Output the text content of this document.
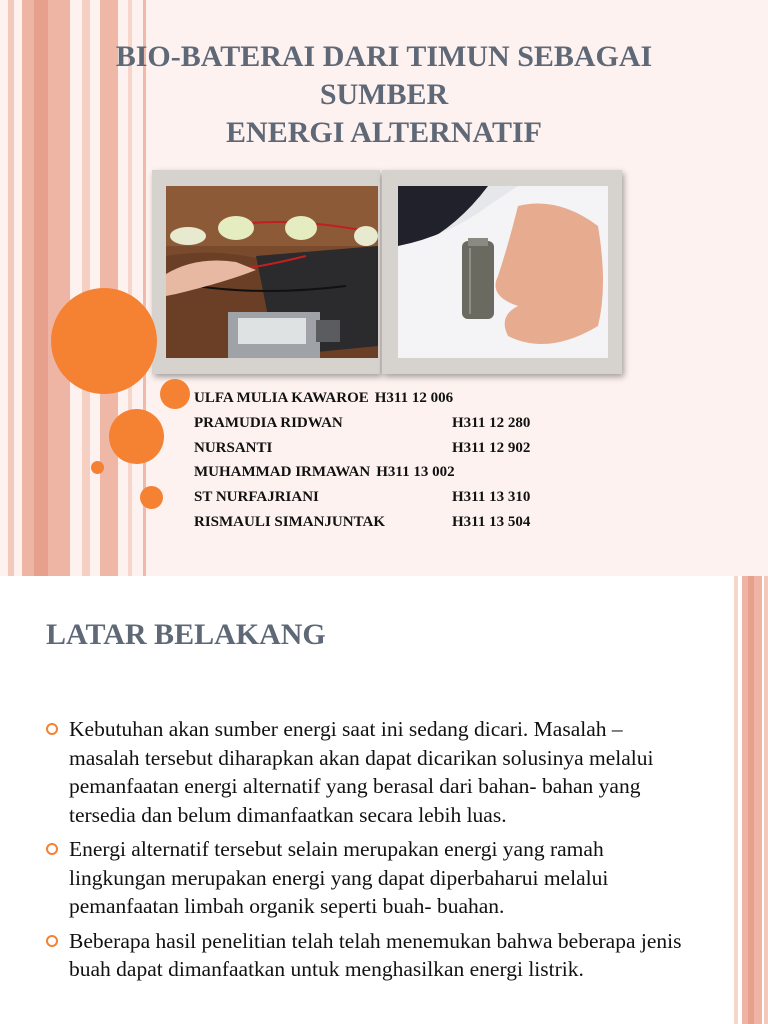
BIO-BATERAI DARI TIMUN SEBAGAI
SUMBER
ENERGI ALTERNATIF
ULFA MULIA KAWAROE H311 12 006
PRAMUDIA RIDWAN	H311 12 280
NURSANTI	H311 12 902
MUHAMMAD IRMAWAN H311 13 002
ST NURFAJRIANI	H311 13 310
RISMAULI SIMANJUNTAK	H311 13 504
LATAR BELAKANG
Kebutuhan akan sumber energi saat ini sedang dicari. Masalah – masalah tersebut diharapkan akan dapat dicarikan solusinya melalui pemanfaatan energi alternatif yang berasal dari bahan- bahan yang tersedia dan belum dimanfaatkan secara lebih luas.
Energi alternatif tersebut selain merupakan energi yang ramah lingkungan merupakan energi yang dapat diperbaharui melalui pemanfaatan limbah organik seperti buah- buahan.
Beberapa hasil penelitian telah telah menemukan bahwa beberapa jenis buah dapat dimanfaatkan untuk menghasilkan energi listrik.
